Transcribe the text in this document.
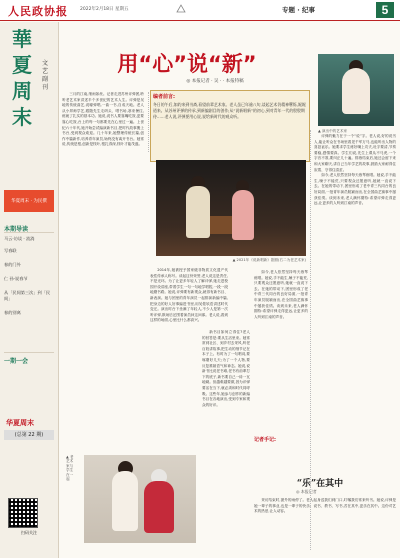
人民政协报	2022年2月18日 星期五	专题 · 纪事	5
華夏周末
文艺副刊
华夏周末 · 为民撰
本期导读
马云·访谈 · 流淌
写春联
春的门外
仁 孙·说春节
从「民间第三次」到「民间」
春的别离
一期一会
华夏周末
(总第 22 期)
扫码关注
用“心”说“新”
◎ 本报记者 · 吴 · · 本报特稿
编者前言:
冬日的午后,如约来到书斋,看望前辈艺术家。老人虽已年逾八旬,谈起艺术仍精神矍铄,娓娓道来。从苏州评弹的传承,到新编剧目的创作;从“说新唱新”的初心,到对青年一代的殷殷期待……老人说,评弹要用心说,说给新时代的观众听。
▲ 演出中的艺术家

三月的江南,细雨如丝。记者走进苏州评弹团,聆听老艺术家讲述半个多世纪的艺术人生。评弹是吴地的传统曲艺,说噱弹唱,一曲一书,自成天地。老人从小拜师学艺,跟随先生走码头、唱书场,寒来暑往,练就了扎实的基本功。她说,说书人要靠嘴吃饭,更要靠心吃饭,台上的每一句都要先在心里过一遍。上世纪六十年代,她开始尝试编演新书目,把时代故事搬上书台,受到观众欢迎。几十年来,她整理传统长篇,创作中篇新作,培养青年演员,始终没有离开书台。她常说,传统是根,创新是枝叶,根扎得深,枝叶才能茂盛。

▲ 2021年《说新唱新》剧照(右二为老艺术家)

2014年,她被授予国家级非物质文化遗产代表性传承人称号。谈起这份荣誉,老人说这是责任,不是光环。为了让更多年轻人了解评弹,她走进校园开设讲座,带着学生一句一句地学唱腔,一段一段地磨书路。她说,评弹要有新观众,就得有新书目、新表演。她与团里的青年演员一起排演新编中篇,把身边的好人好事编进书里,用吴侬软语讲述时代变迁。演出时台下坐满了年轻人,不少人是第一次听评弹,散场后还围着演员问这问那。老人说,看到这样的场面,心里比什么都高兴。

新书目如何立得住?老人的回答是:要从生活里来。她常常到社区、到乡村去采风,听老百姓讲故事,把生动的细节记在本子上。有时为了一句唱词,要琢磨好几天;为了一个人物,要反复推敲语气和神态。她说,说新书比说老书难,老书有前辈打下的底子,新书要自己一砖一瓦地砌。但越难越要做,因为评弹要活在当下,就必须和时代同呼吸。这些年,她参与创作的新编书目在各地演出,受到专家和观众的好评。

评弹的魅力在于一个“说”字。老人说,好的说书人,能让听众在书场里看见千军万马,也能听出人物的喜怒哀乐。她要求学生练好嘴上功夫,吐字要清,节奏要稳,感情要真。学生们说,先生上课从不马虎,一个字音不准,要纠正几十遍。排练结束后,她还会留下来和大家聊天,讲自己当年学艺的故事,鼓励大家耐得住寂寞、守得住清贫。

如今,老人依然坚持每天练琴练唱。她说,手不能生,嗓子不能荒,只要观众还愿意听,她就一直说下去。在她的带动下,团里形成了老中青三代同台的良好局面,一批青年演员脱颖而出,在全国曲艺赛事中屡获佳绩。谈到未来,老人满怀期待:希望评弹走得更远,让更多的人听到江南的声音。

如今,老人依然坚持每天练琴练唱。她说,手不能生,嗓子不能荒,只要观众还愿意听,她就一直说下去。在她的带动下,团里形成了老中青三代同台的良好局面,一批青年演员脱颖而出,在全国曲艺赛事中屡获佳绩。谈到未来,老人满怀期待:希望评弹走得更远,让更多的人听到江南的声音。

▲ 老艺术家与学生在一起
记者手记:
“乐”在其中
◎ 本报记者

采访结束时,窗外的雨停了。老人起身送我们到门口,叮嘱我们常来听书。她说,评弹是她一辈子的事业,也是一辈子的快乐。说书、教书、写书,苦在其中,更乐在其中。这份对艺术的热爱,让人动容。
